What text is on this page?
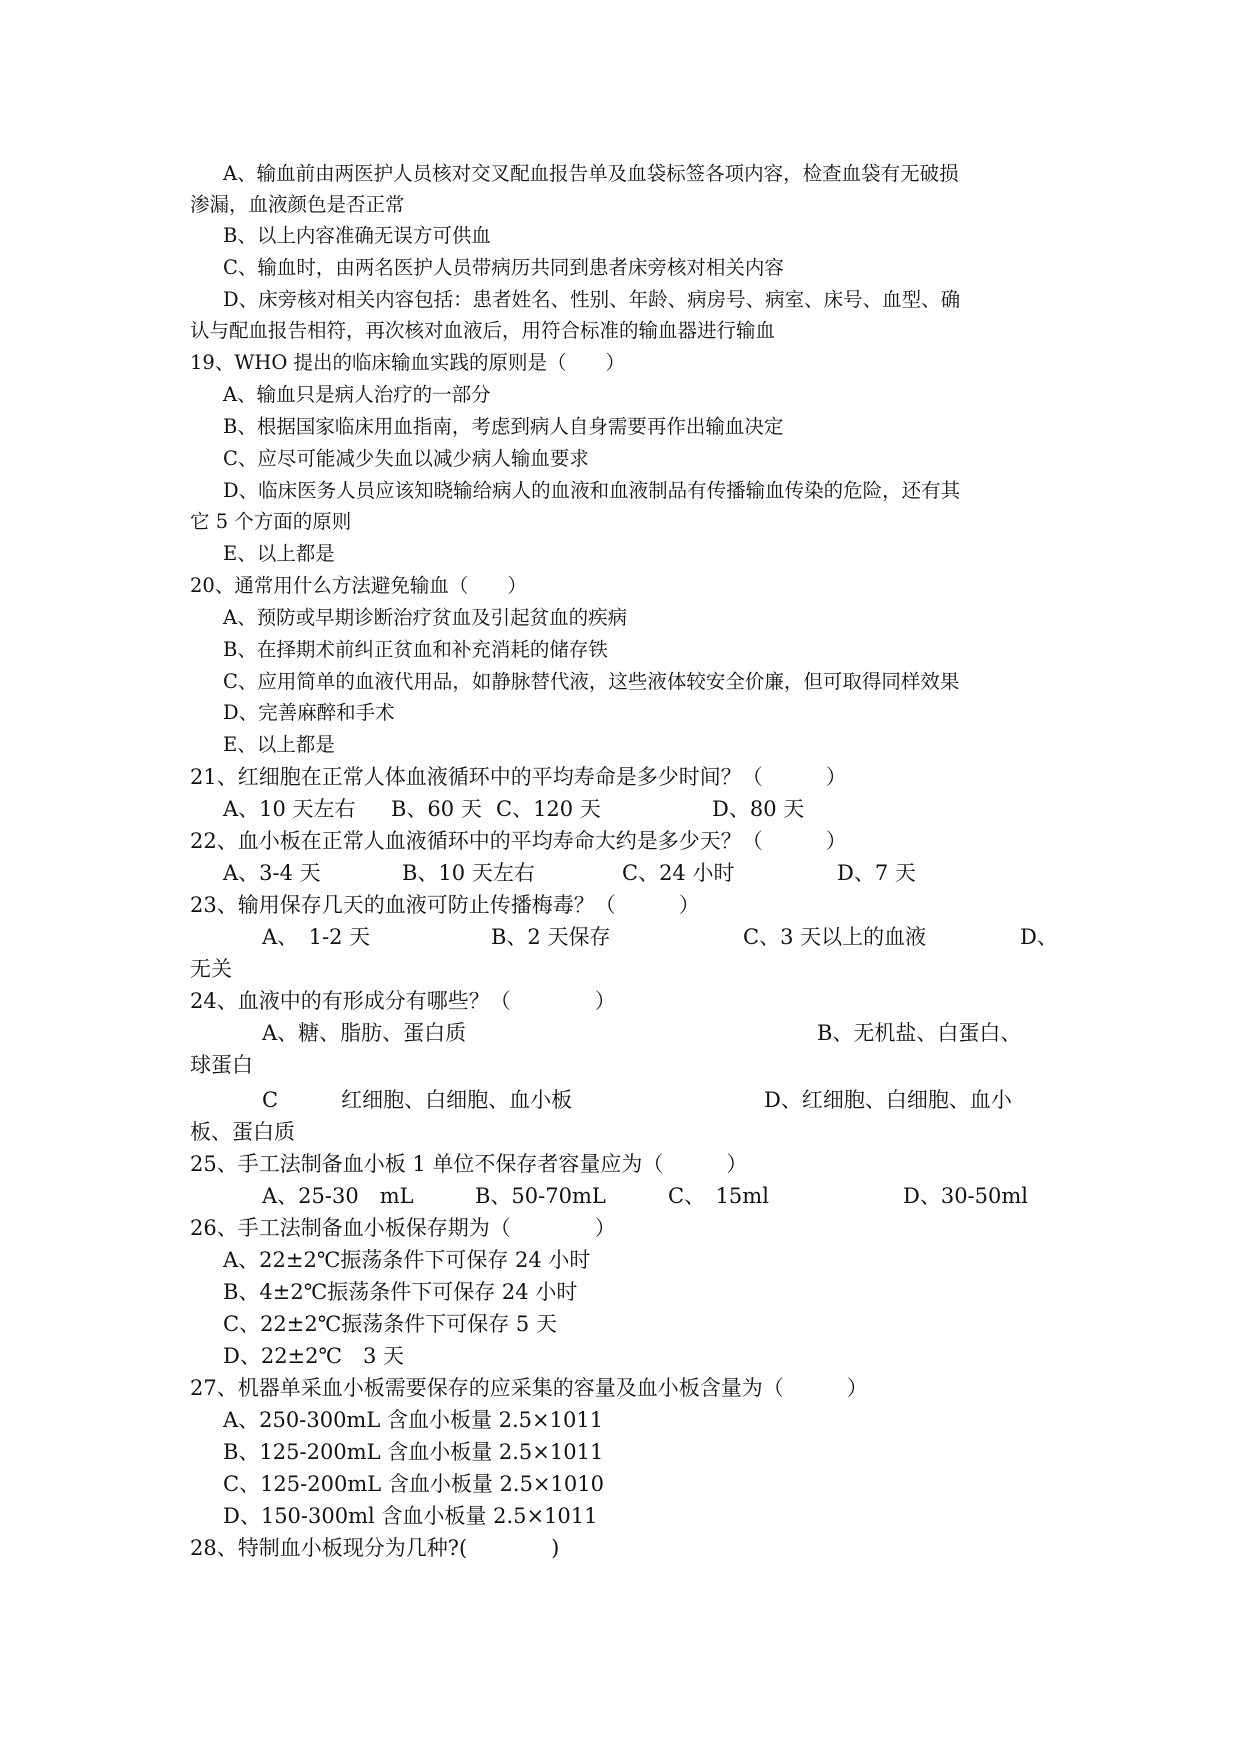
A、输血前由两医护人员核对交叉配血报告单及血袋标签各项内容，检查血袋有无破损
渗漏，血液颜色是否正常
B、以上内容准确无误方可供血
C、输血时，由两名医护人员带病历共同到患者床旁核对相关内容
D、床旁核对相关内容包括：患者姓名、性别、年龄、病房号、病室、床号、血型、确
认与配血报告相符，再次核对血液后，用符合标准的输血器进行输血
19、WHO 提出的临床输血实践的原则是（　　）
A、输血只是病人治疗的一部分
B、根据国家临床用血指南，考虑到病人自身需要再作出输血决定
C、应尽可能减少失血以减少病人输血要求
D、临床医务人员应该知晓输给病人的血液和血液制品有传播输血传染的危险，还有其
它 5 个方面的原则
E、以上都是
20、通常用什么方法避免输血（　　）
A、预防或早期诊断治疗贫血及引起贫血的疾病
B、在择期术前纠正贫血和补充消耗的储存铁
C、应用简单的血液代用品，如静脉替代液，这些液体较安全价廉，但可取得同样效果
D、完善麻醉和手术
E、以上都是
21、红细胞在正常人体血液循环中的平均寿命是多少时间？（　　　）
A、10 天左右 B、60 天 C、120 天	D、80 天
22、血小板在正常人血液循环中的平均寿命大约是多少天？（　　　）
A、3-4 天	B、10 天左右	C、24 小时	D、7 天
23、输用保存几天的血液可防止传播梅毒？（　　　）
A、　1-2 天	B、2 天保存	C、3 天以上的血液	D、
无关
24、血液中的有形成分有哪些？（　　　　）
A、糖、脂肪、蛋白质	B、无机盐、白蛋白、
球蛋白
C　　　红细胞、白细胞、血小板	D、红细胞、白细胞、血小
板、蛋白质
25、手工法制备血小板 1 单位不保存者容量应为（　　　）
A、25-30　mL	B、50-70mL	C、　15ml	D、30-50ml
26、手工法制备血小板保存期为（　　　　）
A、22±2℃振荡条件下可保存 24 小时
B、4±2℃振荡条件下可保存 24 小时
C、22±2℃振荡条件下可保存 5 天
D、22±2℃　3 天
27、机器单采血小板需要保存的应采集的容量及血小板含量为（　　　）
A、250-300mL 含血小板量 2.5×1011
B、125-200mL 含血小板量 2.5×1011
C、125-200mL 含血小板量 2.5×1010
D、150-300ml 含血小板量 2.5×1011
28、特制血小板现分为几种?(　　　　)
